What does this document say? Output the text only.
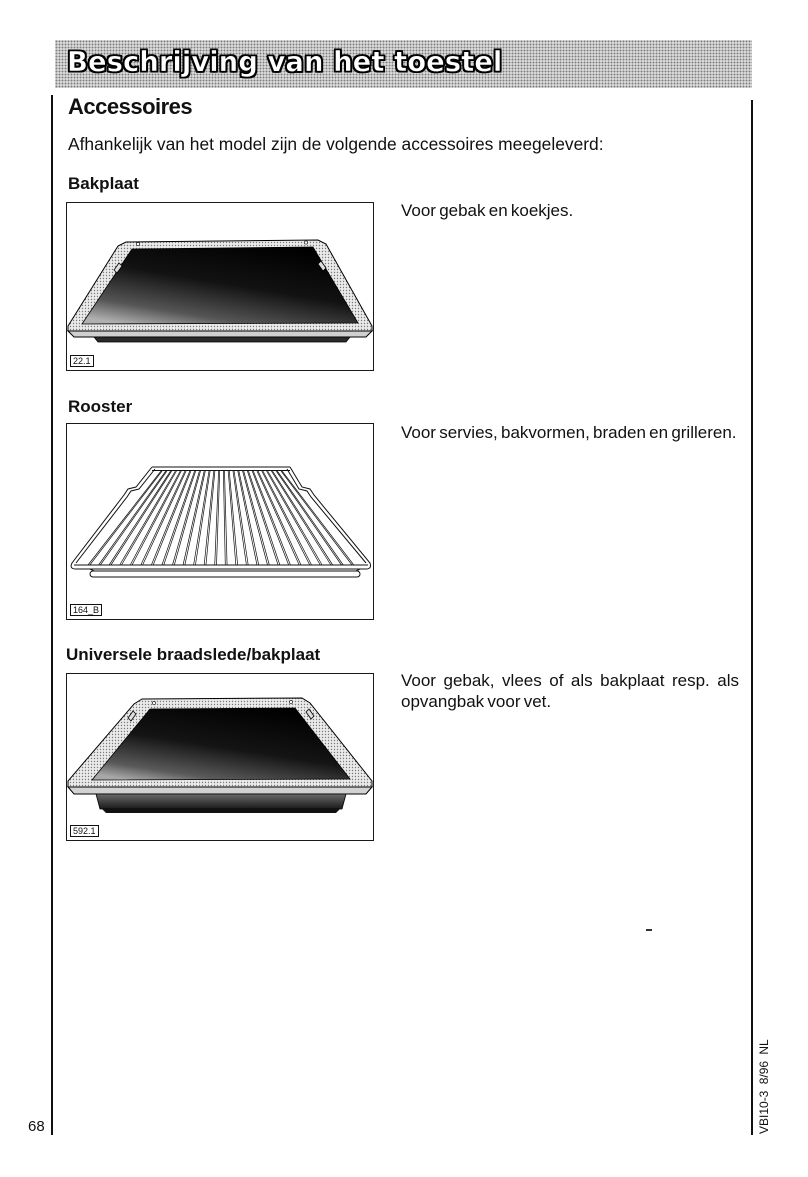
Beschrijving van het toestel
Accessoires
Afhankelijk van het model zijn de volgende accessoires meegeleverd:
Bakplaat
22.1
Voor gebak en koekjes.
Rooster
164_B
Voor servies, bakvormen, braden en grilleren.
Universele braadslede/bakplaat
592.1
Voor gebak, vlees of als bakplaat resp. als opvangbak voor vet.
68	VBI10-3 8/96 NL
